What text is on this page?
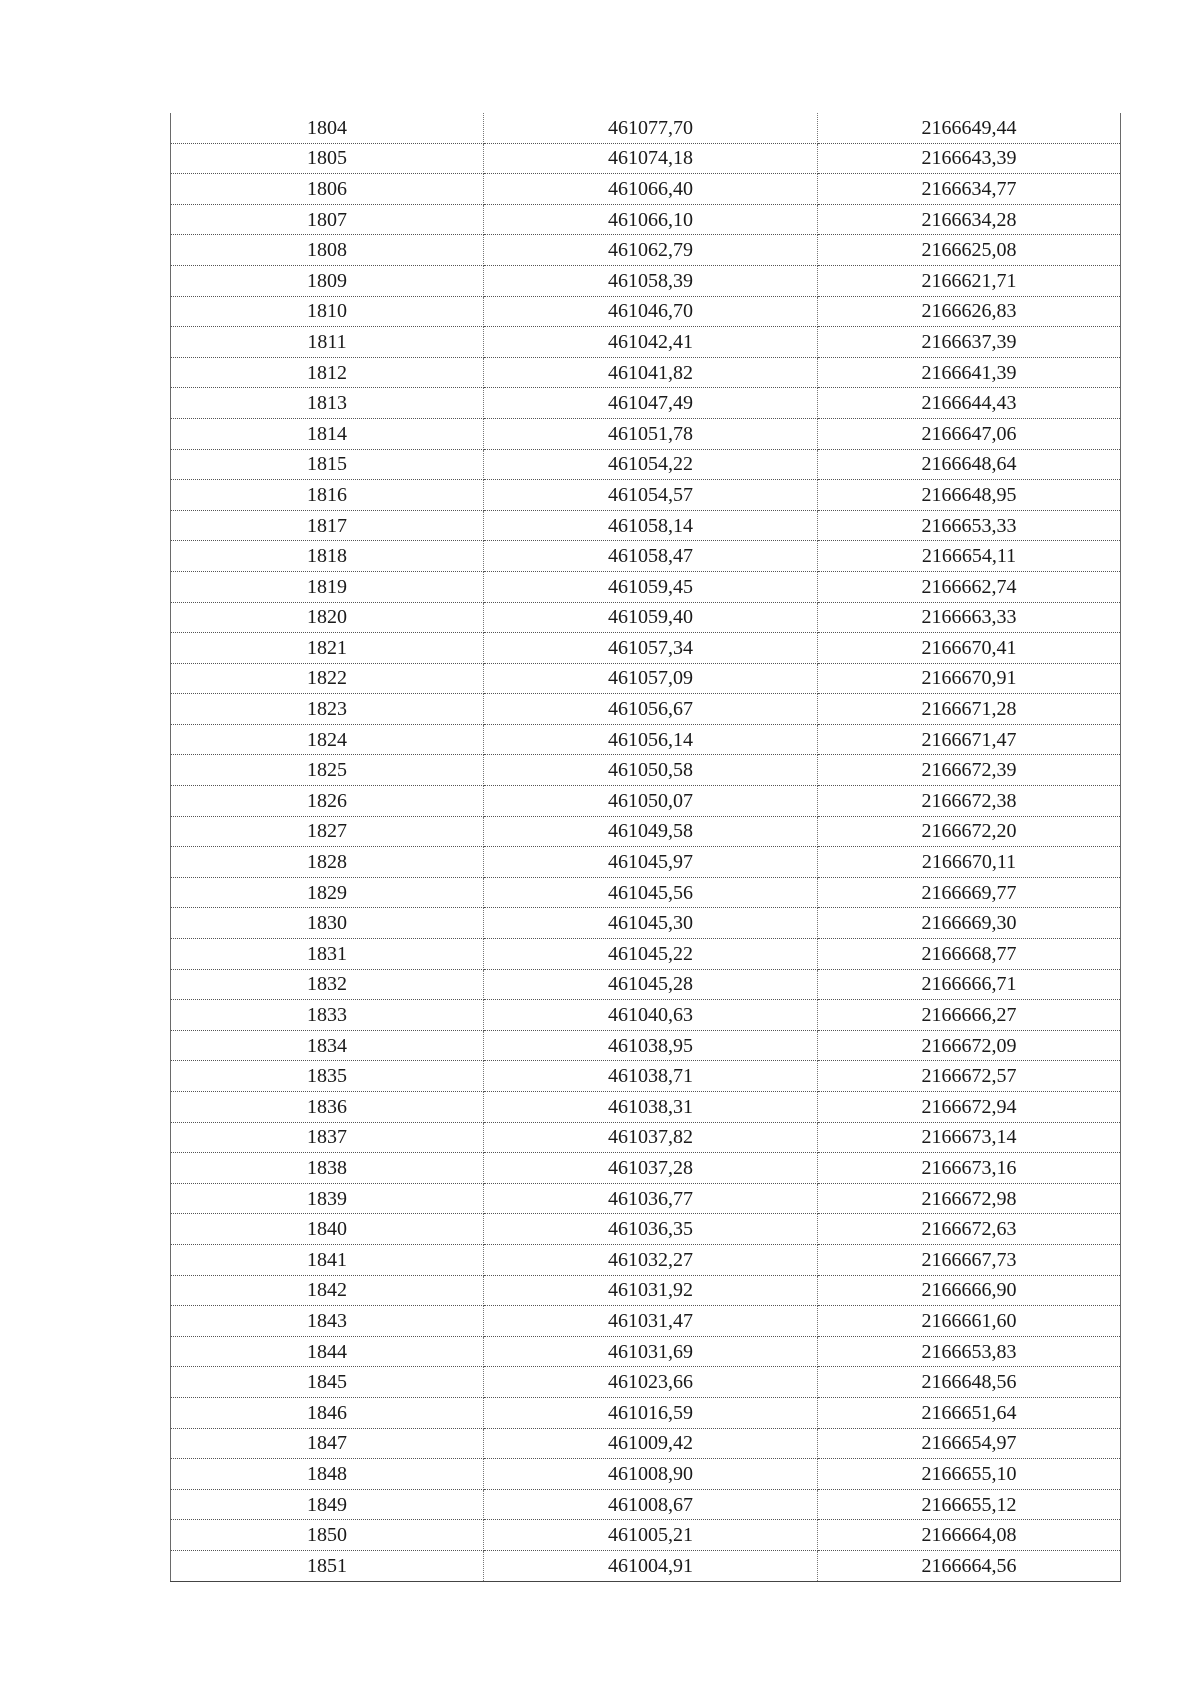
1804	461077,70	2166649,44
1805	461074,18	2166643,39
1806	461066,40	2166634,77
1807	461066,10	2166634,28
1808	461062,79	2166625,08
1809	461058,39	2166621,71
1810	461046,70	2166626,83
1811	461042,41	2166637,39
1812	461041,82	2166641,39
1813	461047,49	2166644,43
1814	461051,78	2166647,06
1815	461054,22	2166648,64
1816	461054,57	2166648,95
1817	461058,14	2166653,33
1818	461058,47	2166654,11
1819	461059,45	2166662,74
1820	461059,40	2166663,33
1821	461057,34	2166670,41
1822	461057,09	2166670,91
1823	461056,67	2166671,28
1824	461056,14	2166671,47
1825	461050,58	2166672,39
1826	461050,07	2166672,38
1827	461049,58	2166672,20
1828	461045,97	2166670,11
1829	461045,56	2166669,77
1830	461045,30	2166669,30
1831	461045,22	2166668,77
1832	461045,28	2166666,71
1833	461040,63	2166666,27
1834	461038,95	2166672,09
1835	461038,71	2166672,57
1836	461038,31	2166672,94
1837	461037,82	2166673,14
1838	461037,28	2166673,16
1839	461036,77	2166672,98
1840	461036,35	2166672,63
1841	461032,27	2166667,73
1842	461031,92	2166666,90
1843	461031,47	2166661,60
1844	461031,69	2166653,83
1845	461023,66	2166648,56
1846	461016,59	2166651,64
1847	461009,42	2166654,97
1848	461008,90	2166655,10
1849	461008,67	2166655,12
1850	461005,21	2166664,08
1851	461004,91	2166664,56
